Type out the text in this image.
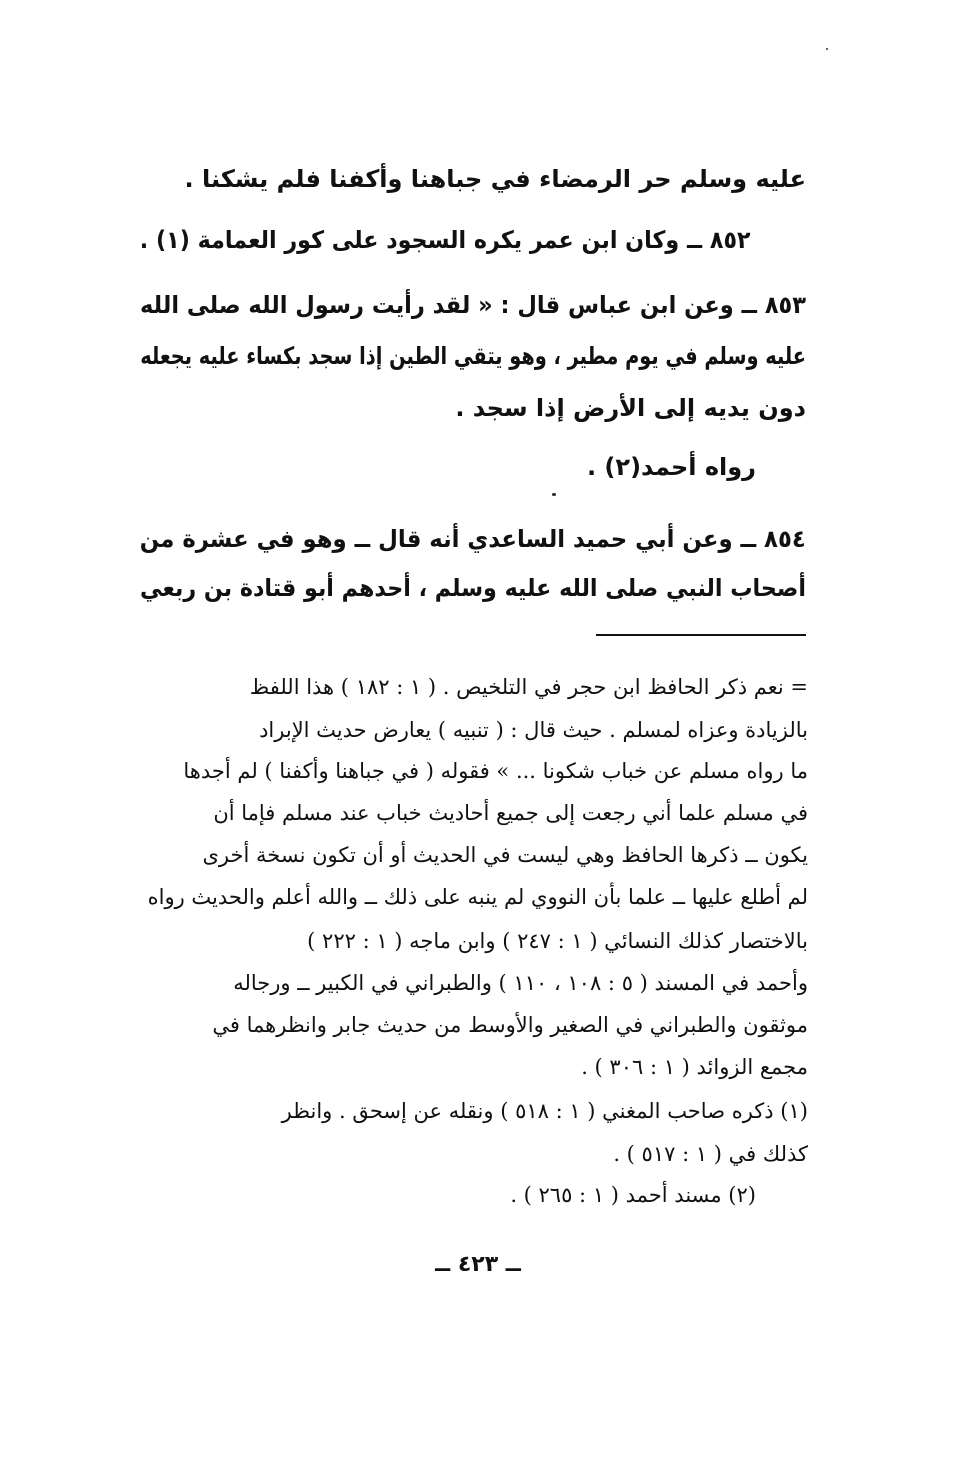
عليه وسلم حر الرمضاء في جباهنا وأكفنا فلم يشكنا .
٨٥٢ ــ وكان ابن عمر يكره السجود على كور العمامة (١) .
٨٥٣ ــ وعن ابن عباس قال : « لقد رأيت رسول الله صلى الله
عليه وسلم في يوم مطير ، وهو يتقي الطين إذا سجد بكساء عليه يجعله
دون يديه إلى الأرض إذا سجد .
رواه أحمد(٢) .
٨٥٤ ــ وعن أبي حميد الساعدي أنه قال ــ وهو في عشرة من
أصحاب النبي صلى الله عليه وسلم ، أحدهم أبو قتادة بن ربعي
= نعم ذكر الحافظ ابن حجر في التلخيص . ( ١ : ١٨٢ ) هذا اللفظ
بالزيادة وعزاه لمسلم . حيث قال : ( تنبيه ) يعارض حديث الإبراد
ما رواه مسلم عن خباب شكونا ... » فقوله ( في جباهنا وأكفنا ) لم أجدها
في مسلم علما أني رجعت إلى جميع أحاديث خباب عند مسلم فإما أن
يكون ــ ذكرها الحافظ وهي ليست في الحديث أو أن تكون نسخة أخرى
لم أطلع عليها ــ علما بأن النووي لم ينبه على ذلك ــ والله أعلم والحديث رواه
بالاختصار كذلك النسائي ( ١ : ٢٤٧ ) وابن ماجه ( ١ : ٢٢٢ )
وأحمد في المسند ( ٥ : ١٠٨ ، ١١٠ ) والطبراني في الكبير ــ ورجاله
موثقون والطبراني في الصغير والأوسط من حديث جابر وانظرهما في
مجمع الزوائد ( ١ : ٣٠٦ ) .
(١) ذكره صاحب المغني ( ١ : ٥١٨ ) ونقله عن إسحق . وانظر
كذلك في ( ١ : ٥١٧ ) .
(٢) مسند أحمد ( ١ : ٢٦٥ ) .
ــ ٤٢٣ ــ
